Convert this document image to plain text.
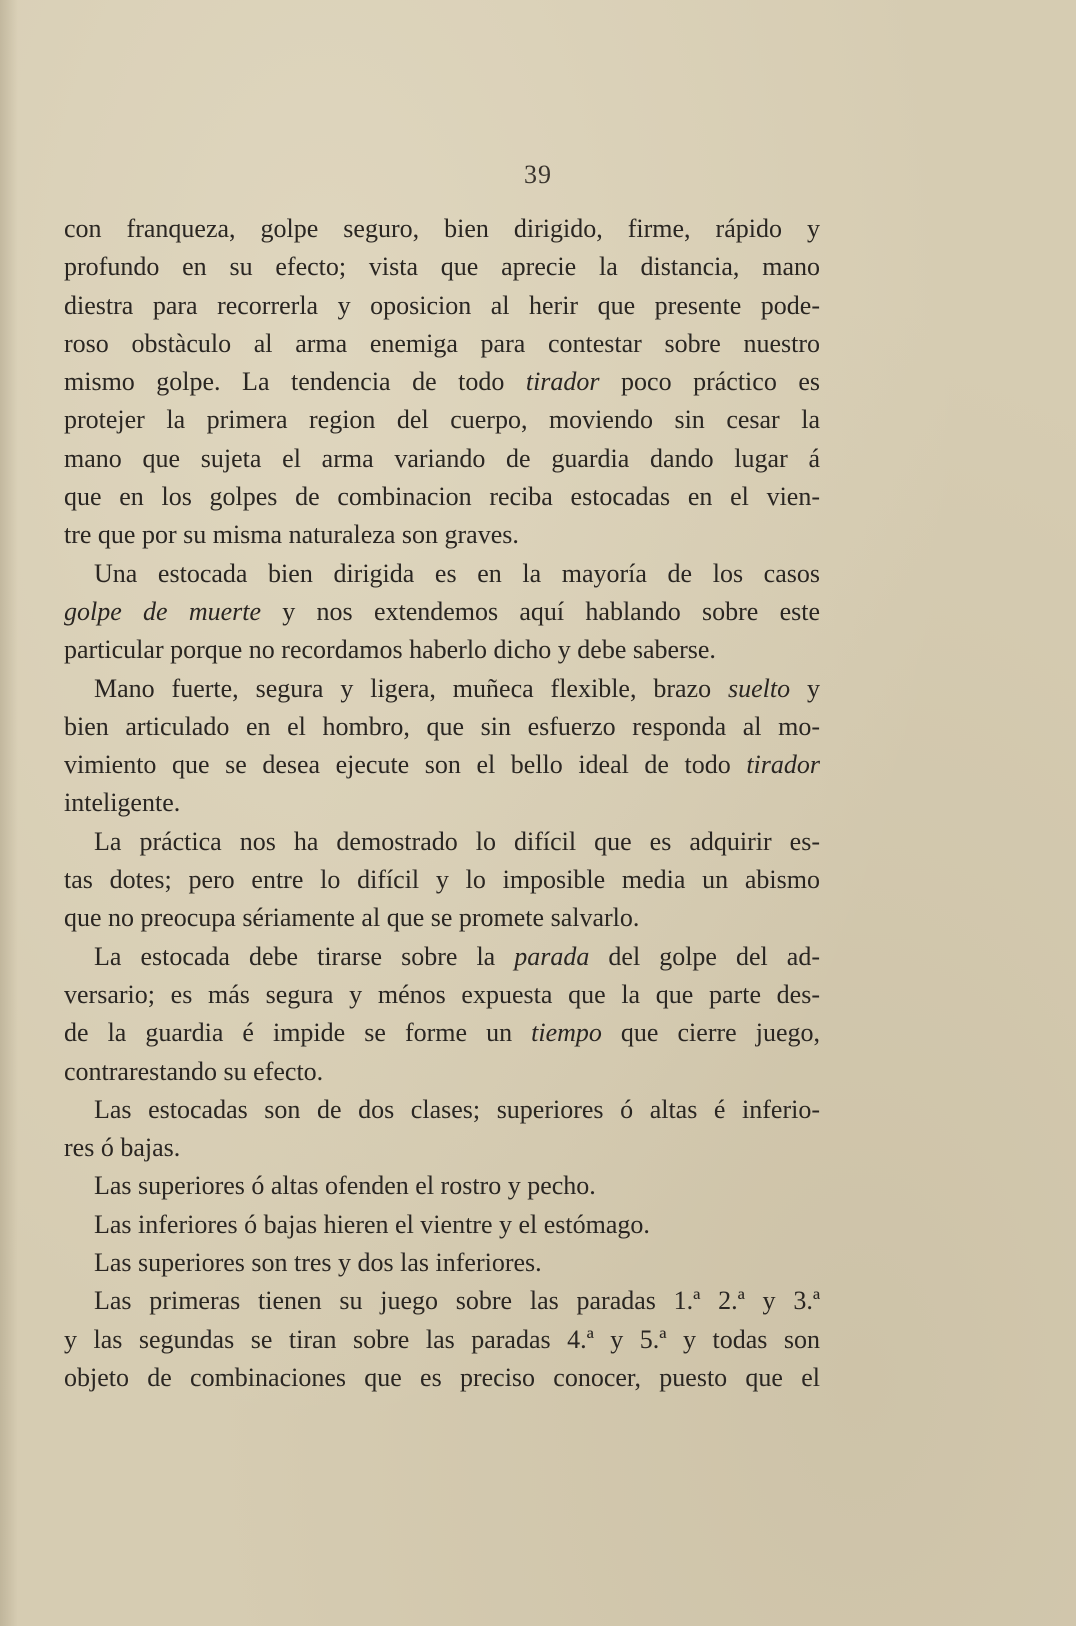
39
con franqueza, golpe seguro, bien dirigido, firme, rápido y
profundo en su efecto; vista que aprecie la distancia, mano
diestra para recorrerla y oposicion al herir que presente pode-
roso obstàculo al arma enemiga para contestar sobre nuestro
mismo golpe. La tendencia de todo tirador poco práctico es
protejer la primera region del cuerpo, moviendo sin cesar la
mano que sujeta el arma variando de guardia dando lugar á
que en los golpes de combinacion reciba estocadas en el vien-
tre que por su misma naturaleza son graves.
Una estocada bien dirigida es en la mayoría de los casos
golpe de muerte y nos extendemos aquí hablando sobre este
particular porque no recordamos haberlo dicho y debe saberse.
Mano fuerte, segura y ligera, muñeca flexible, brazo suelto y
bien articulado en el hombro, que sin esfuerzo responda al mo-
vimiento que se desea ejecute son el bello ideal de todo tirador
inteligente.
La práctica nos ha demostrado lo difícil que es adquirir es-
tas dotes; pero entre lo difícil y lo imposible media un abismo
que no preocupa sériamente al que se promete salvarlo.
La estocada debe tirarse sobre la parada del golpe del ad-
versario; es más segura y ménos expuesta que la que parte des-
de la guardia é impide se forme un tiempo que cierre juego,
contrarestando su efecto.
Las estocadas son de dos clases; superiores ó altas é inferio-
res ó bajas.
Las superiores ó altas ofenden el rostro y pecho.
Las inferiores ó bajas hieren el vientre y el estómago.
Las superiores son tres y dos las inferiores.
Las primeras tienen su juego sobre las paradas 1.ª 2.ª y 3.ª
y las segundas se tiran sobre las paradas 4.ª y 5.ª y todas son
objeto de combinaciones que es preciso conocer, puesto que el
